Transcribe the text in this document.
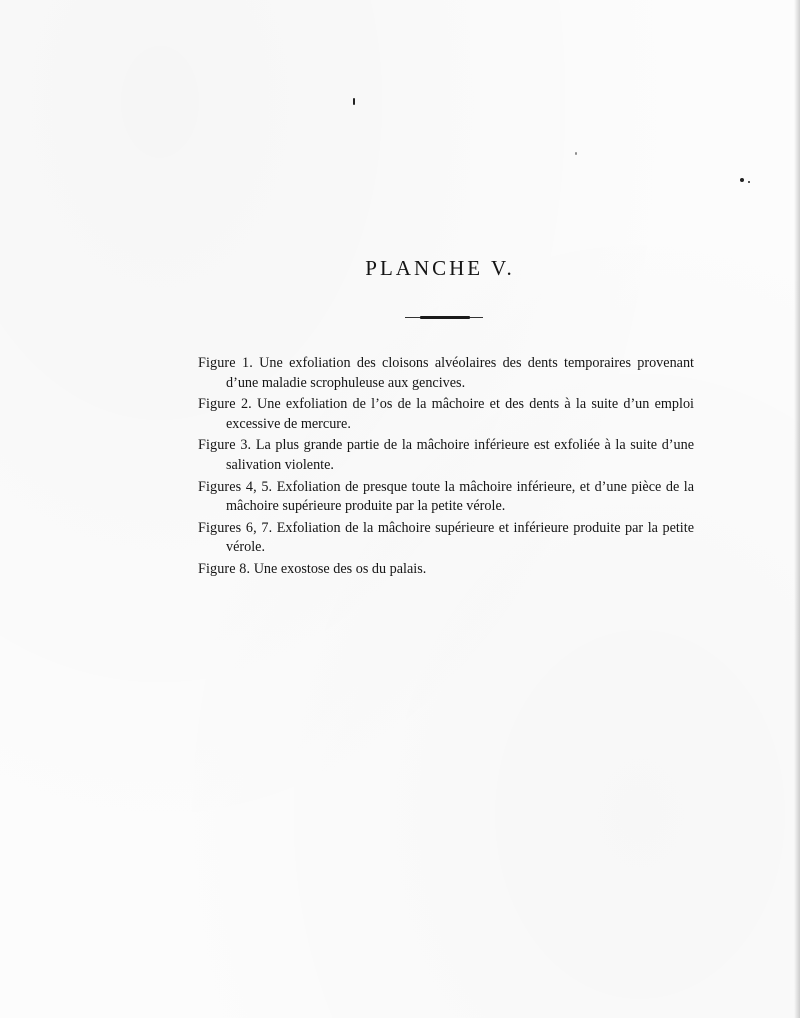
PLANCHE V.
Figure 1. Une exfoliation des cloisons alvéolaires des dents temporaires provenant d’une maladie scrophuleuse aux gencives.
Figure 2. Une exfoliation de l’os de la mâchoire et des dents à la suite d’un emploi excessive de mercure.
Figure 3. La plus grande partie de la mâchoire inférieure est exfoliée à la suite d’une salivation violente.
Figures 4, 5. Exfoliation de presque toute la mâchoire inférieure, et d’une pièce de la mâchoire supérieure produite par la petite vérole.
Figures 6, 7. Exfoliation de la mâchoire supérieure et inférieure produite par la petite vérole.
Figure 8. Une exostose des os du palais.
